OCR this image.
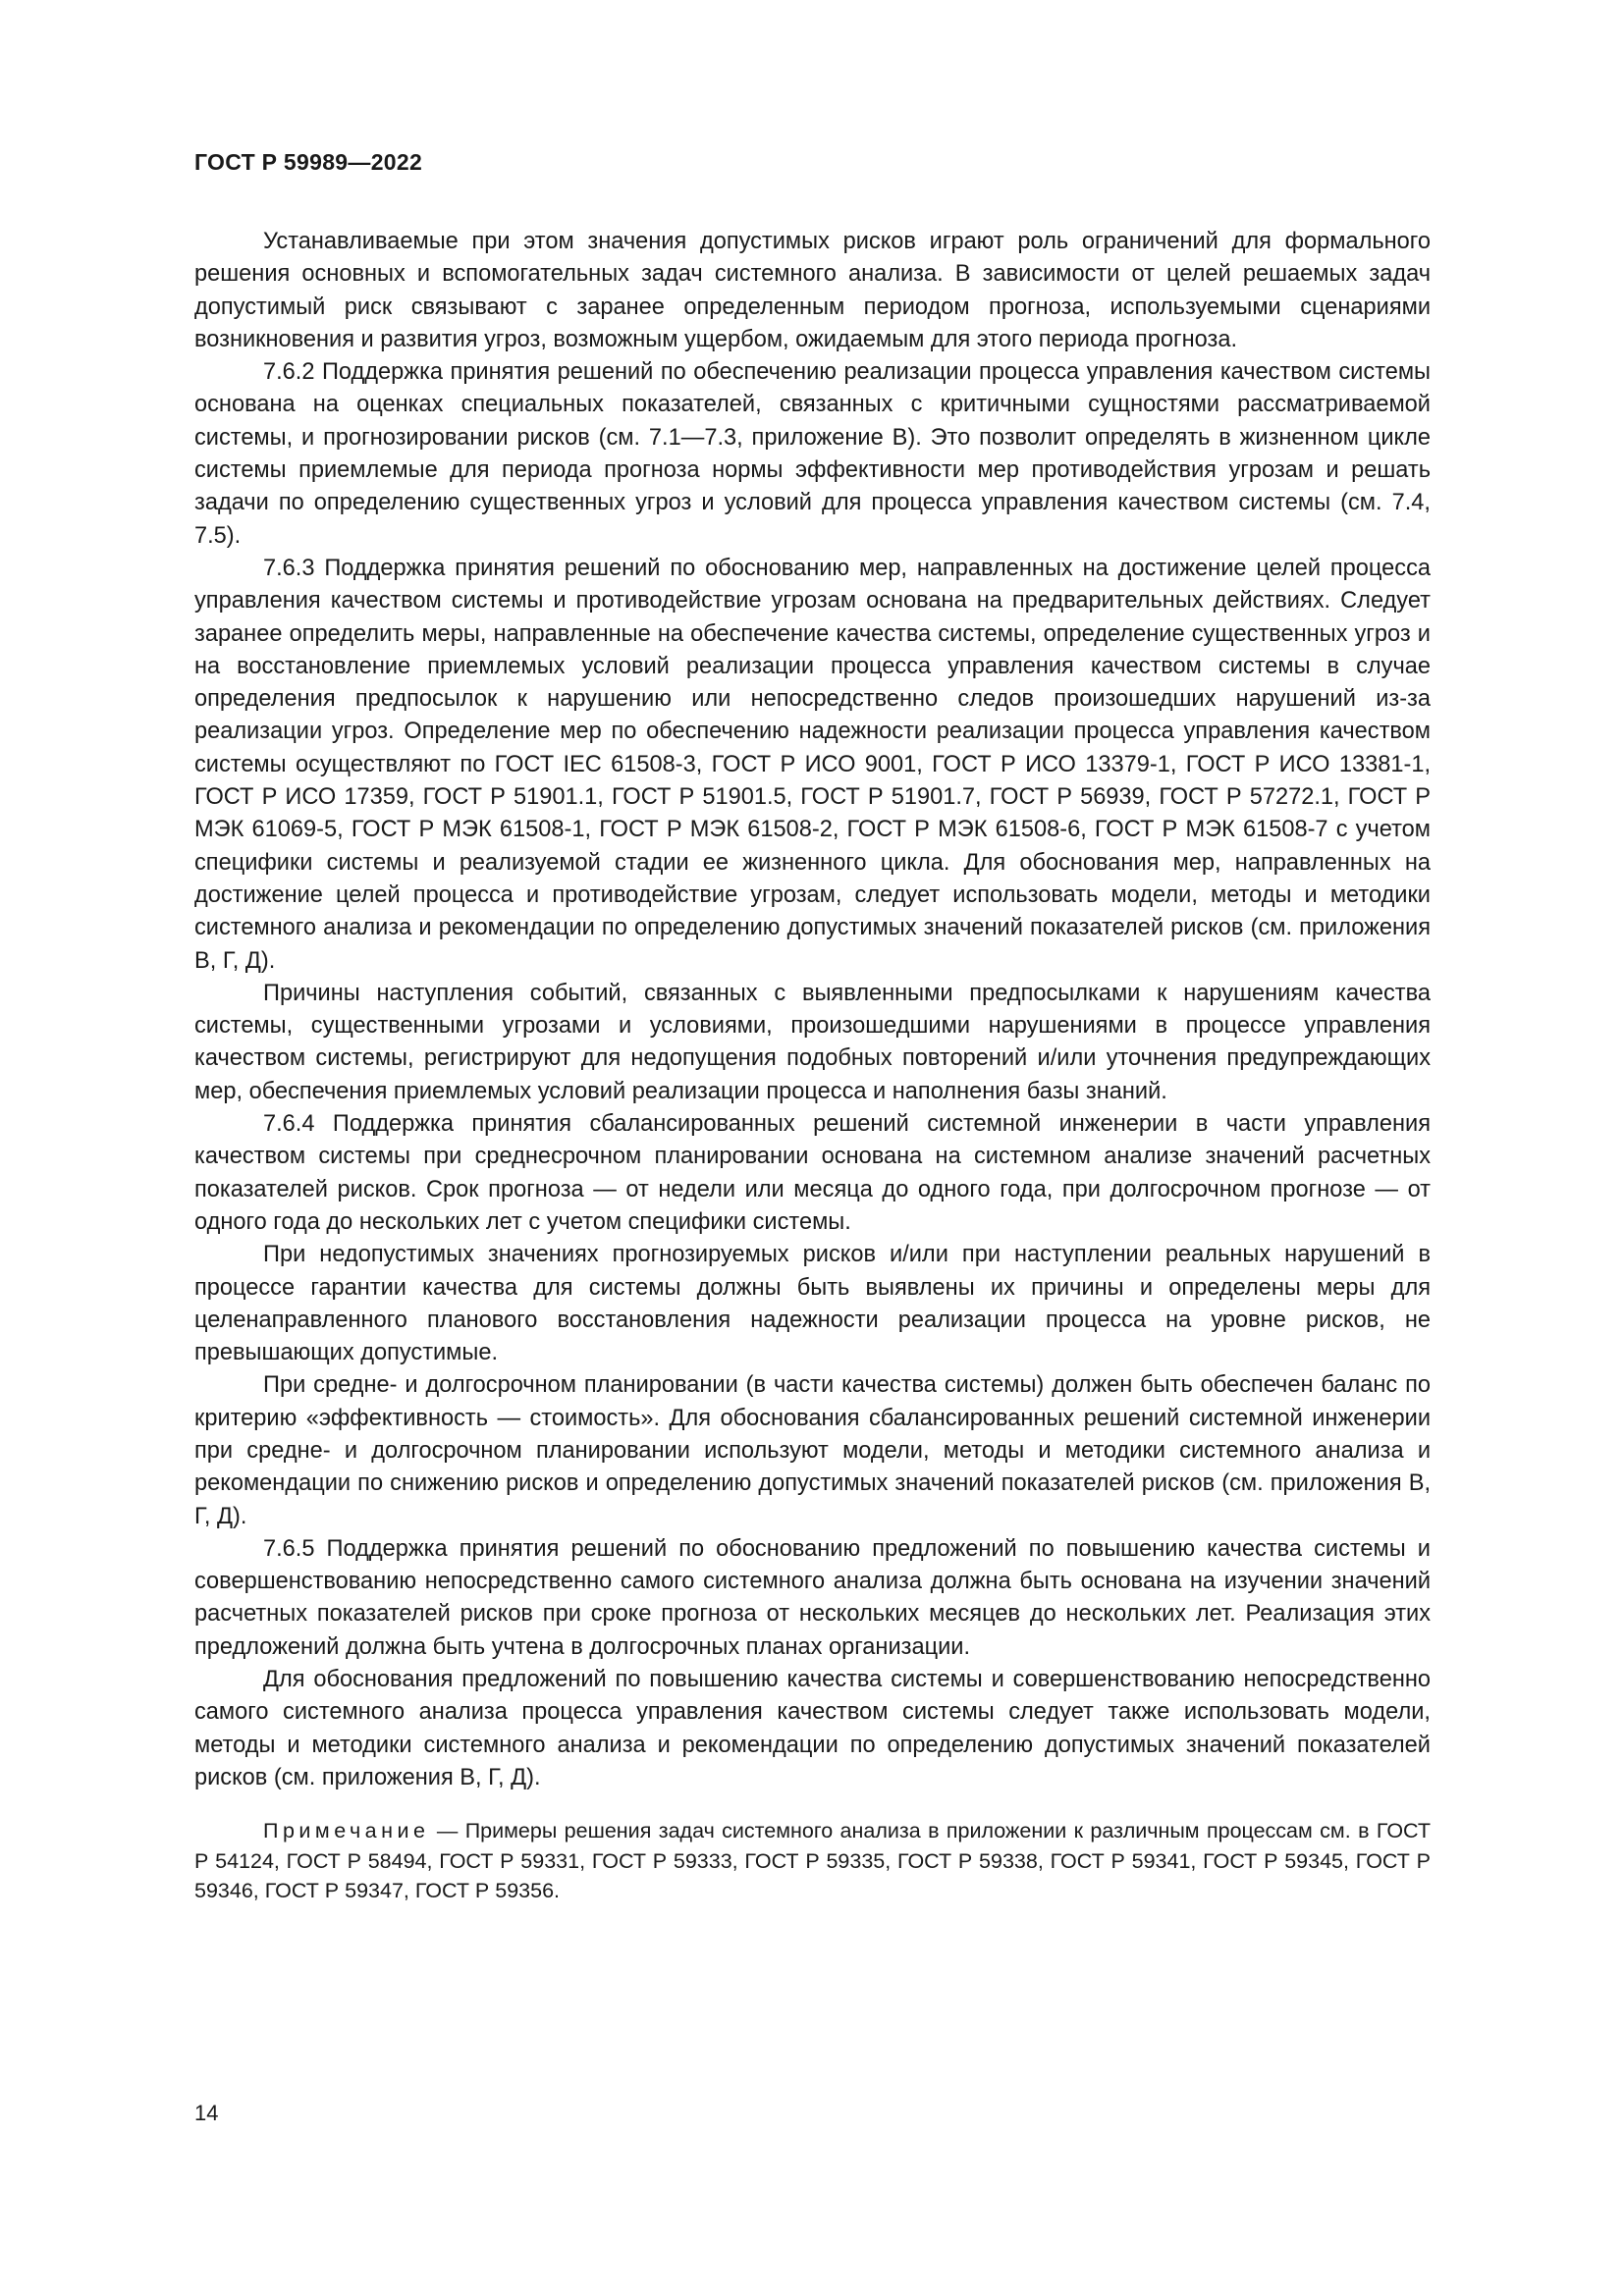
ГОСТ Р 59989—2022

Устанавливаемые при этом значения допустимых рисков играют роль ограничений для формального решения основных и вспомогательных задач системного анализа. В зависимости от целей решаемых задач допустимый риск связывают с заранее определенным периодом прогноза, используемыми сценариями возникновения и развития угроз, возможным ущербом, ожидаемым для этого периода прогноза.

7.6.2 Поддержка принятия решений по обеспечению реализации процесса управления качеством системы основана на оценках специальных показателей, связанных с критичными сущностями рассматриваемой системы, и прогнозировании рисков (см. 7.1—7.3, приложение В). Это позволит определять в жизненном цикле системы приемлемые для периода прогноза нормы эффективности мер противодействия угрозам и решать задачи по определению существенных угроз и условий для процесса управления качеством системы (см. 7.4, 7.5).

7.6.3 Поддержка принятия решений по обоснованию мер, направленных на достижение целей процесса управления качеством системы и противодействие угрозам основана на предварительных действиях. Следует заранее определить меры, направленные на обеспечение качества системы, определение существенных угроз и на восстановление приемлемых условий реализации процесса управления качеством системы в случае определения предпосылок к нарушению или непосредственно следов произошедших нарушений из-за реализации угроз. Определение мер по обеспечению надежности реализации процесса управления качеством системы осуществляют по ГОСТ IEC 61508-3, ГОСТ Р ИСО 9001, ГОСТ Р ИСО 13379-1, ГОСТ Р ИСО 13381-1, ГОСТ Р ИСО 17359, ГОСТ Р 51901.1, ГОСТ Р 51901.5, ГОСТ Р 51901.7, ГОСТ Р 56939, ГОСТ Р 57272.1, ГОСТ Р МЭК 61069-5, ГОСТ Р МЭК 61508-1, ГОСТ Р МЭК 61508-2, ГОСТ Р МЭК 61508-6, ГОСТ Р МЭК 61508-7 с учетом специфики системы и реализуемой стадии ее жизненного цикла. Для обоснования мер, направленных на достижение целей процесса и противодействие угрозам, следует использовать модели, методы и методики системного анализа и рекомендации по определению допустимых значений показателей рисков (см. приложения В, Г, Д).

Причины наступления событий, связанных с выявленными предпосылками к нарушениям качества системы, существенными угрозами и условиями, произошедшими нарушениями в процессе управления качеством системы, регистрируют для недопущения подобных повторений и/или уточнения предупреждающих мер, обеспечения приемлемых условий реализации процесса и наполнения базы знаний.

7.6.4 Поддержка принятия сбалансированных решений системной инженерии в части управления качеством системы при среднесрочном планировании основана на системном анализе значений расчетных показателей рисков. Срок прогноза — от недели или месяца до одного года, при долгосрочном прогнозе — от одного года до нескольких лет с учетом специфики системы.

При недопустимых значениях прогнозируемых рисков и/или при наступлении реальных нарушений в процессе гарантии качества для системы должны быть выявлены их причины и определены меры для целенаправленного планового восстановления надежности реализации процесса на уровне рисков, не превышающих допустимые.

При средне- и долгосрочном планировании (в части качества системы) должен быть обеспечен баланс по критерию «эффективность — стоимость». Для обоснования сбалансированных решений системной инженерии при средне- и долгосрочном планировании используют модели, методы и методики системного анализа и рекомендации по снижению рисков и определению допустимых значений показателей рисков (см. приложения В, Г, Д).

7.6.5 Поддержка принятия решений по обоснованию предложений по повышению качества системы и совершенствованию непосредственно самого системного анализа должна быть основана на изучении значений расчетных показателей рисков при сроке прогноза от нескольких месяцев до нескольких лет. Реализация этих предложений должна быть учтена в долгосрочных планах организации.

Для обоснования предложений по повышению качества системы и совершенствованию непосредственно самого системного анализа процесса управления качеством системы следует также использовать модели, методы и методики системного анализа и рекомендации по определению допустимых значений показателей рисков (см. приложения В, Г, Д).

Примечание — Примеры решения задач системного анализа в приложении к различным процессам см. в ГОСТ Р 54124, ГОСТ Р 58494, ГОСТ Р 59331, ГОСТ Р 59333, ГОСТ Р 59335, ГОСТ Р 59338, ГОСТ Р 59341, ГОСТ Р 59345, ГОСТ Р 59346, ГОСТ Р 59347, ГОСТ Р 59356.
14
